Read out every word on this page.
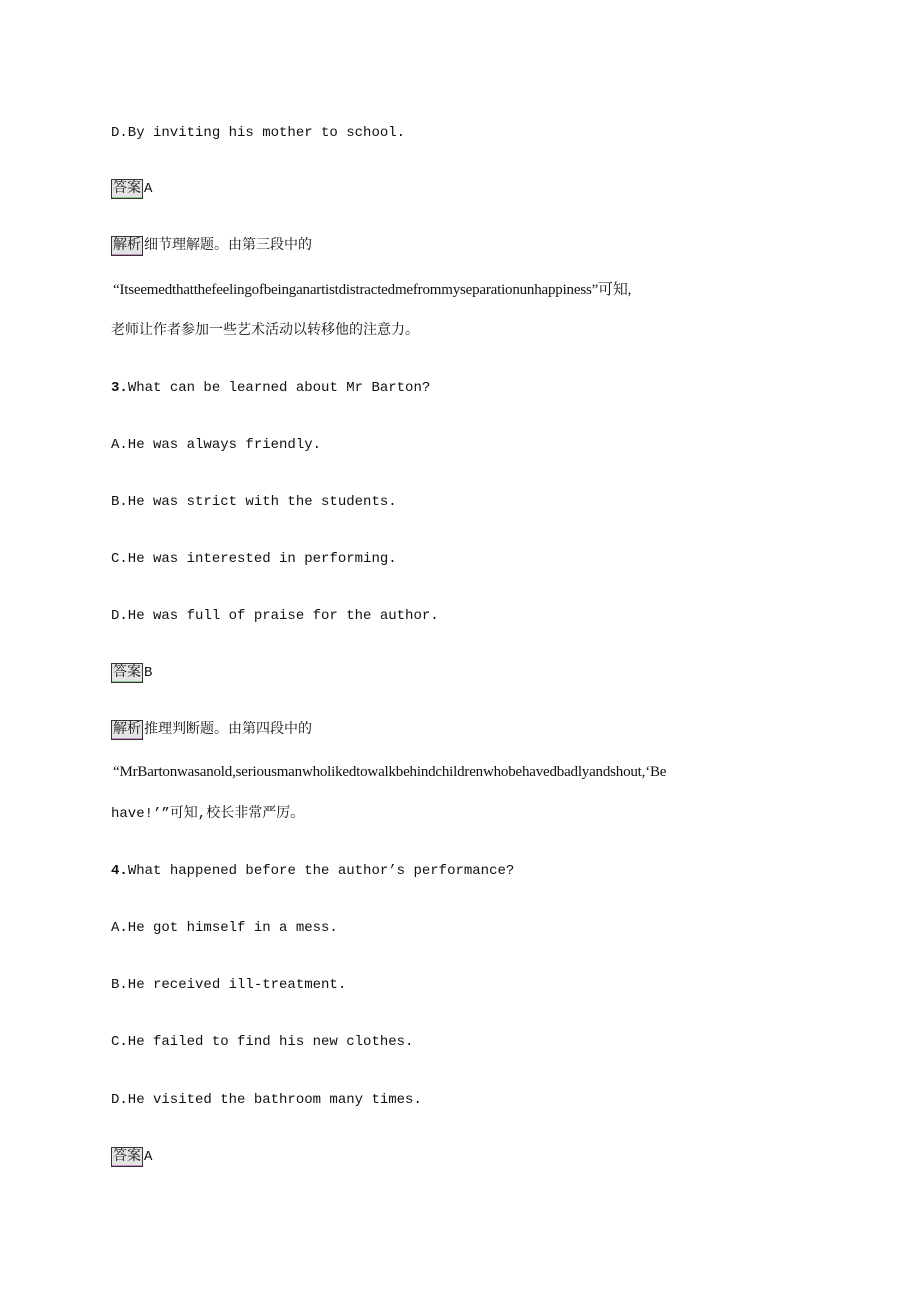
D.By inviting his mother to school.
答案 A
解析 细节理解题。由第三段中的
“Itseemedthatthefeelingofbeinganartistdistractedmefrommyseparationunhappiness”可知,
老师让作者参加一些艺术活动以转移他的注意力。
3.What can be learned about Mr Barton?
A.He was always friendly.
B.He was strict with the students.
C.He was interested in performing.
D.He was full of praise for the author.
答案 B
解析 推理判断题。由第四段中的
“MrBartonwasanold,seriousmanwholikedtowalkbehindchildrenwhobehavedbadlyandshout,‘Be
have!’”可知,校长非常严厉。
4.What happened before the author’s performance?
A.He got himself in a mess.
B.He received ill-treatment.
C.He failed to find his new clothes.
D.He visited the bathroom many times.
答案 A
